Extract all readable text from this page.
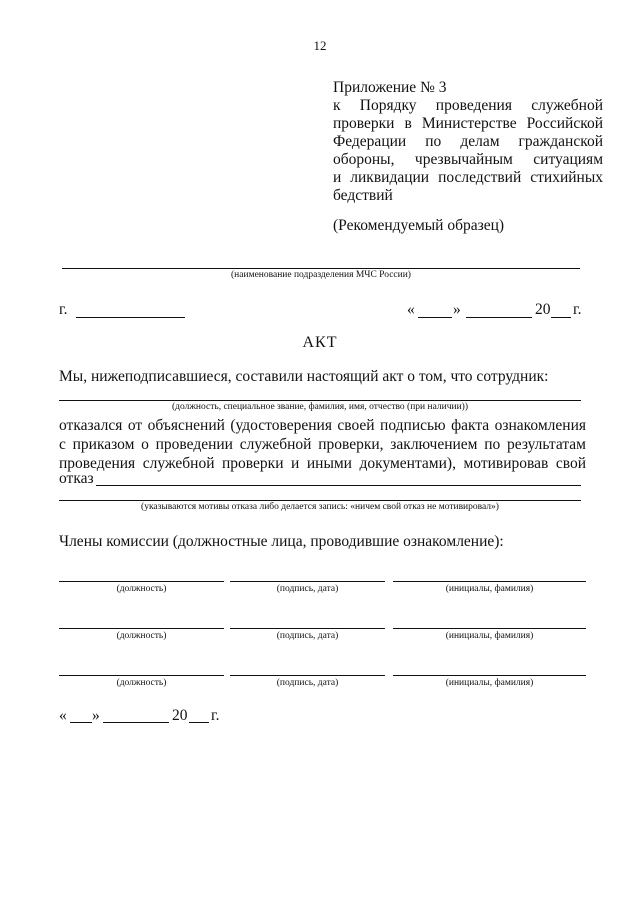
12
Приложение № 3
к Порядку проведения служебной
проверки в Министерстве Российской
Федерации по делам гражданской
обороны, чрезвычайным ситуациям
и ликвидации последствий стихийных

бедствий
(Рекомендуемый образец)
(наименование подразделения МЧС России)
г.	« »	20 г.
АКТ
Мы, нижеподписавшиеся, составили настоящий акт о том, что сотрудник:
(должность, специальное звание, фамилия, имя, отчество (при наличии))
отказался от объяснений (удостоверения своей подписью факта ознакомления
с приказом о проведении служебной проверки, заключением по результатам
проведения служебной проверки и иными документами), мотивировав свой
отказ
(указываются мотивы отказа либо делается запись: «ничем свой отказ не мотивировал»)
Члены комиссии (должностные лица, проводившие ознакомление):
(должность)	(подпись, дата)	(инициалы, фамилия)
(должность)	(подпись, дата)	(инициалы, фамилия)
(должность)	(подпись, дата)	(инициалы, фамилия)
« »	20 г.
